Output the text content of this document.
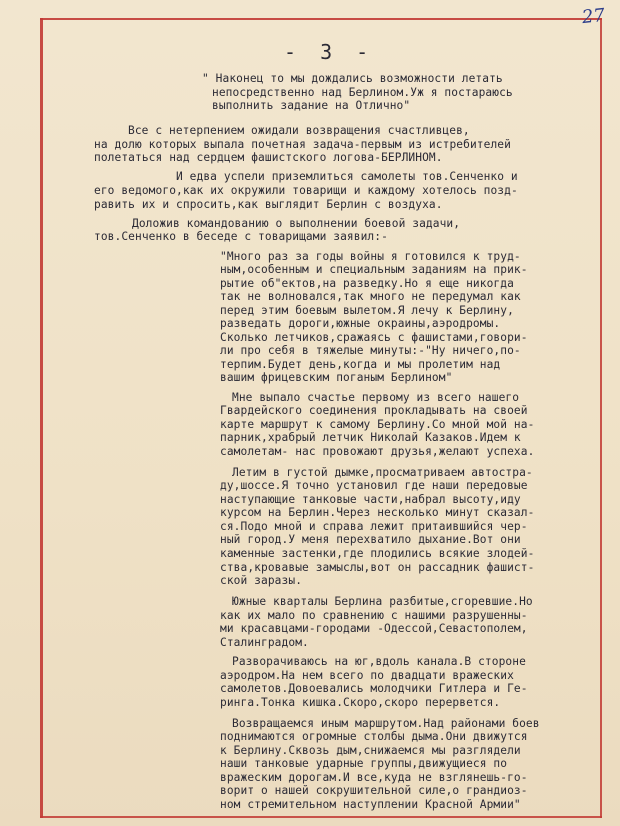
27
- 3 -
" Наконец то мы дождались возможности летать
непосредственно над Берлином.Уж я постараюсь
выполнить задание на Отлично"
Все с нетерпением ожидали возвращения счастливцев,
на долю которых выпала почетная задача-первым из истребителей
полетаться над сердцем фашистского логова-БЕРЛИНОМ.
И едва успели приземлиться самолеты тов.Сенченко и
его ведомого,как их окружили товарищи и каждому хотелось позд-
равить их и спросить,как выглядит Берлин с воздуха.
Доложив командованию о выполнении боевой задачи,
тов.Сенченко в беседе с товарищами заявил:-
"Много раз за годы войны я готовился к труд-
ным,особенным и специальным заданиям на прик-
рытие об"ектов,на разведку.Но я еще никогда
так не волновался,так много не передумал как
перед этим боевым вылетом.Я лечу к Берлину,
разведать дороги,южные окраины,аэродромы.
Сколько летчиков,сражаясь с фашистами,говори-
ли про себя в тяжелые минуты:-"Ну ничего,по-
терпим.Будет день,когда и мы пролетим над
вашим фрицевским поганым Берлином"
Мне выпало счастье первому из всего нашего
Гвардейского соединения прокладывать на своей
карте маршрут к самому Берлину.Со мной мой на-
парник,храбрый летчик Николай Казаков.Идем к
самолетам- нас провожают друзья,желают успеха.
Летим в густой дымке,просматриваем автостра-
ду,шоссе.Я точно установил где наши передовые
наступающие танковые части,набрал высоту,иду
курсом на Берлин.Через несколько минут сказал-
ся.Подо мной и справа лежит притаившийся чер-
ный город.У меня перехватило дыхание.Вот они
каменные застенки,где плодились всякие злодей-
ства,кровавые замыслы,вот он рассадник фашист-
ской заразы.
Южные кварталы Берлина разбитые,сгоревшие.Но
как их мало по сравнению с нашими разрушенны-
ми красавцами-городами -Одессой,Севастополем,
Сталинградом.
Разворачиваюсь на юг,вдоль канала.В стороне
аэродром.На нем всего по двадцати вражеских
самолетов.Довоевались молодчики Гитлера и Ге-
ринга.Тонка кишка.Скоро,скоро перервется.
Возвращаемся иным маршрутом.Над районами боев
поднимаются огромные столбы дыма.Они движутся
к Берлину.Сквозь дым,снижаемся мы разглядели
наши танковые ударные группы,движущиеся по
вражеским дорогам.И все,куда не взглянешь-го-
ворит о нашей сокрушительной силе,о грандиоз-
ном стремительном наступлении Красной Армии"
